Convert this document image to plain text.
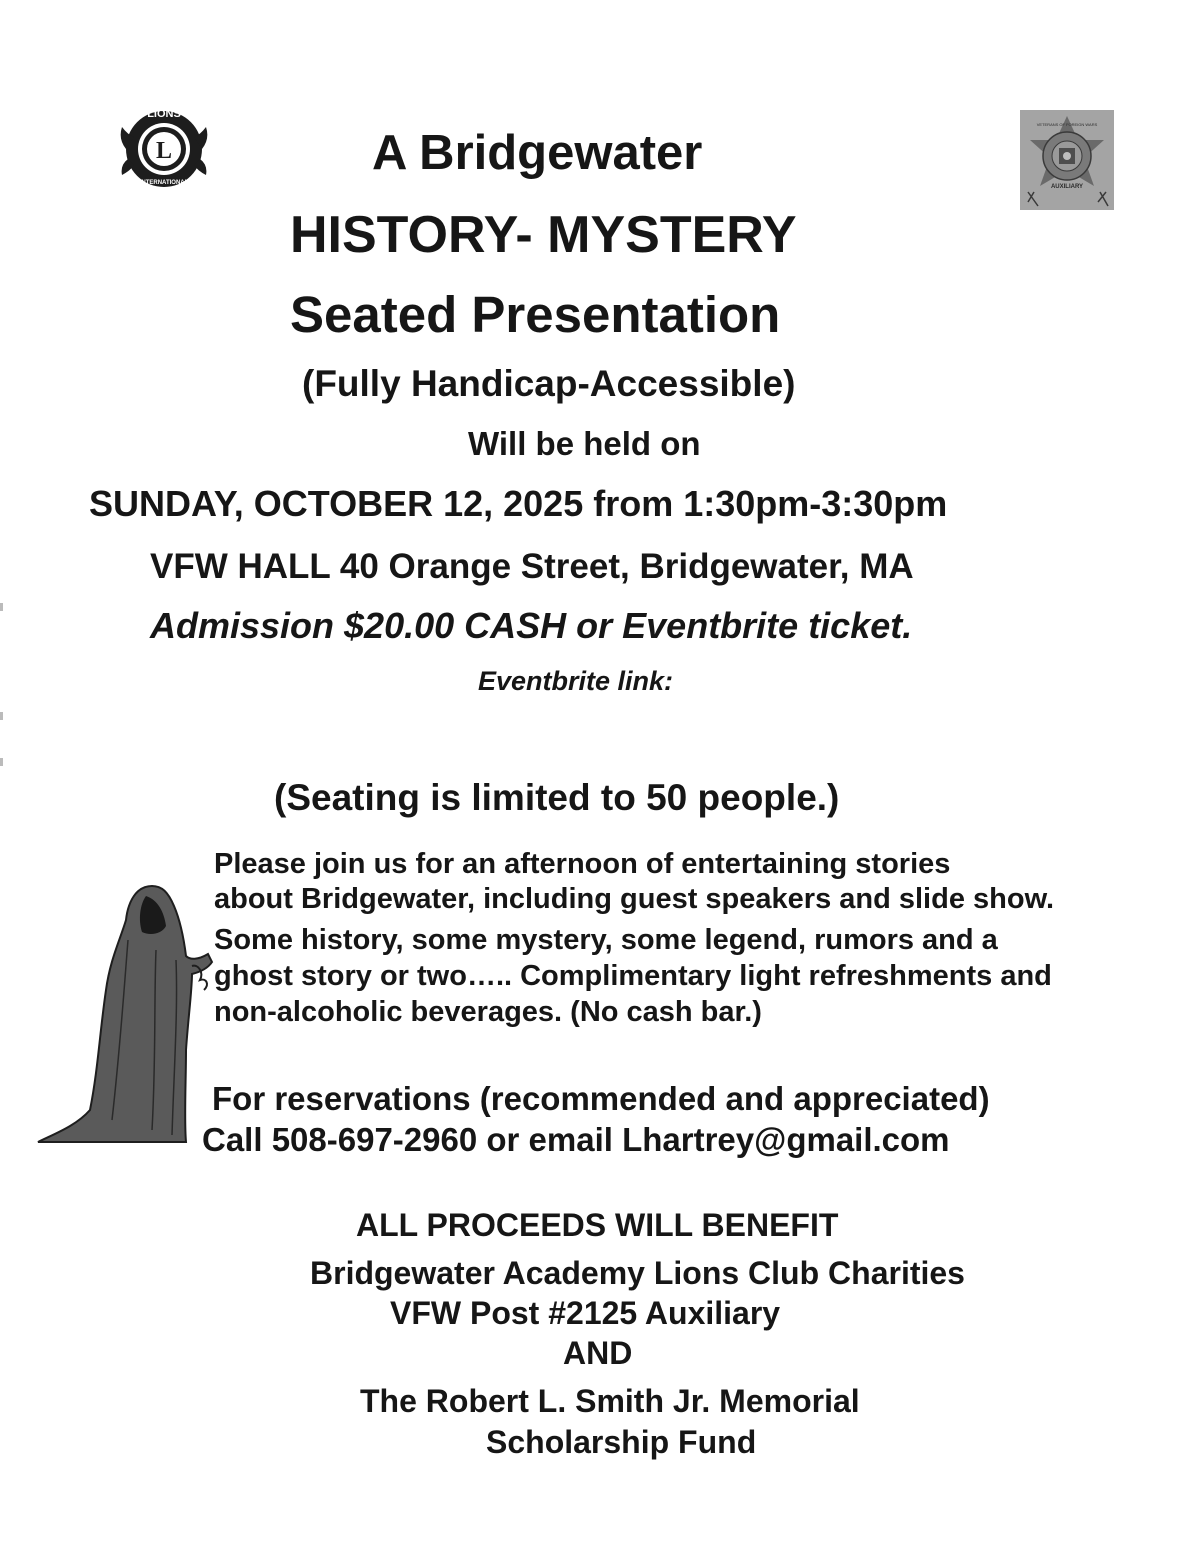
L
LIONS
INTERNATIONAL
AUXILIARY
VETERANS OF FOREIGN WARS
A Bridgewater
HISTORY- MYSTERY
Seated Presentation
(Fully Handicap-Accessible)
Will be held on
SUNDAY, OCTOBER 12, 2025 from 1:30pm-3:30pm
VFW HALL 40 Orange Street, Bridgewater, MA
Admission $20.00 CASH or Eventbrite ticket.
Eventbrite link:
(Seating is limited to 50 people.)
Please join us for an afternoon of entertaining stories
about Bridgewater, including guest speakers and slide show.
Some history, some mystery, some legend, rumors and a
ghost story or two….. Complimentary light refreshments and
non-alcoholic beverages. (No cash bar.)
For reservations (recommended and appreciated)
Call 508-697-2960 or email Lhartrey@gmail.com
ALL PROCEEDS WILL BENEFIT
Bridgewater Academy Lions Club Charities
VFW Post #2125 Auxiliary
AND
The Robert L. Smith Jr. Memorial
Scholarship Fund
